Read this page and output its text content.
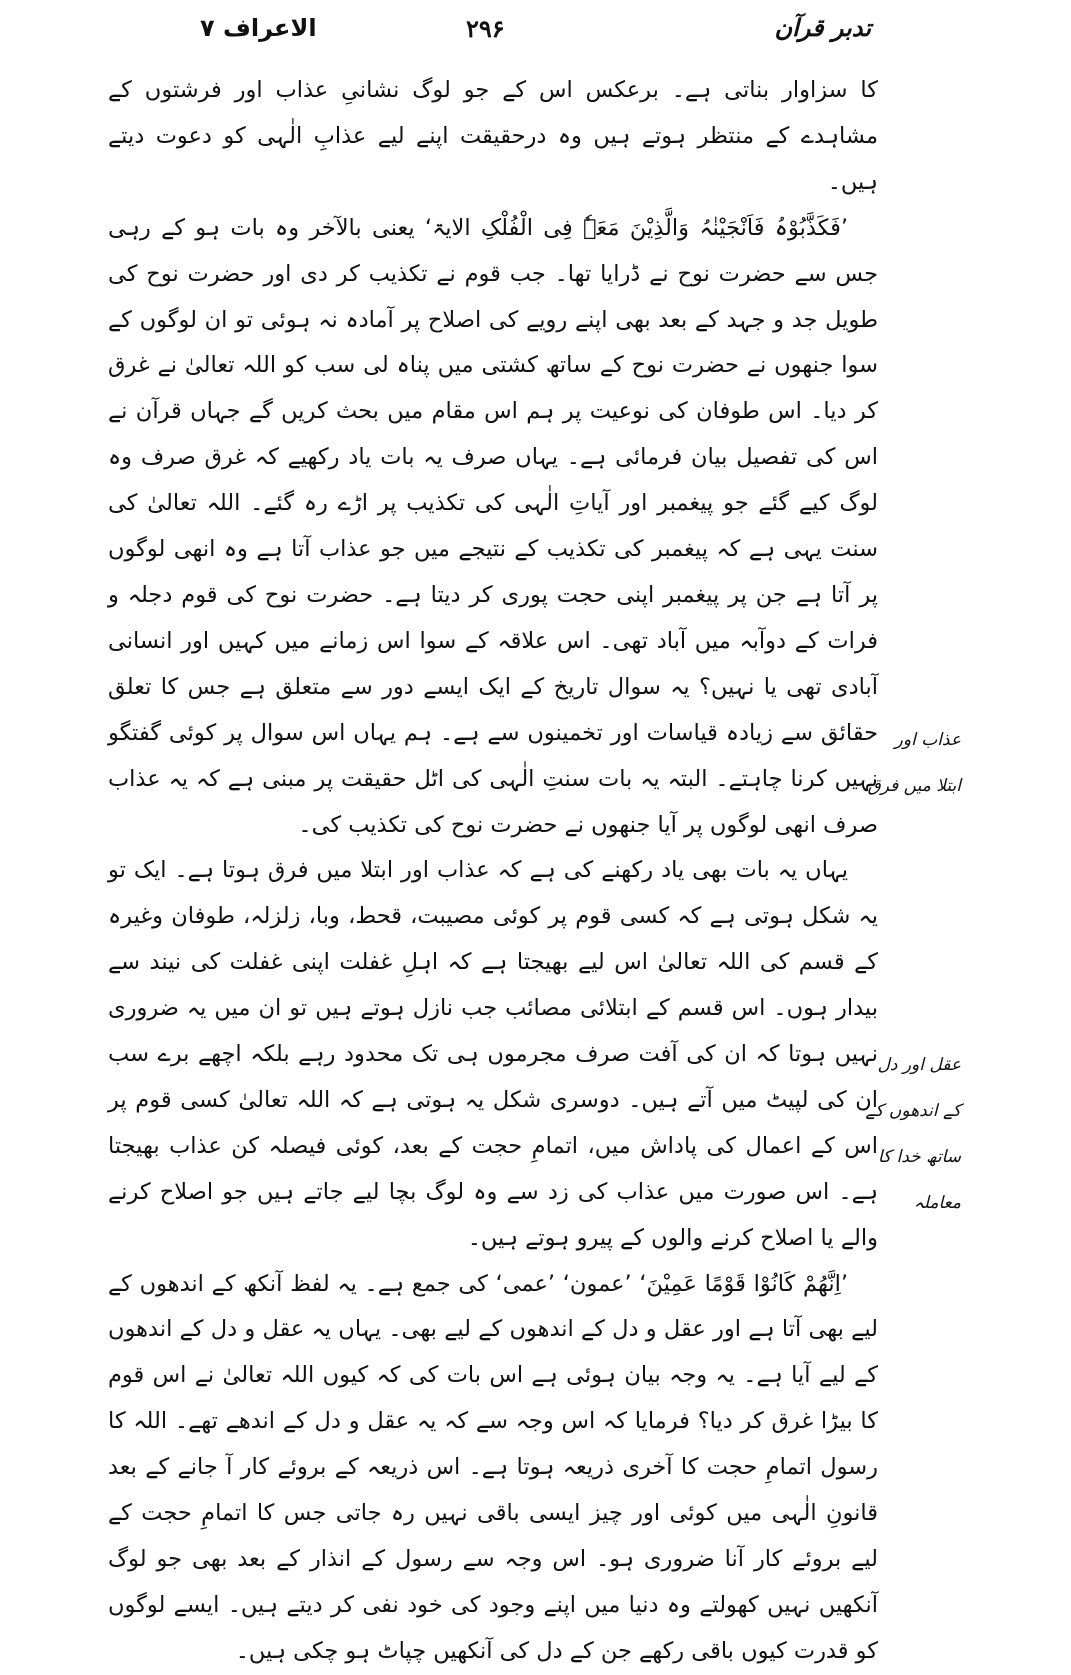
تدبر قرآن
۲۹۶
الاعراف ۷

کا سزاوار بناتی ہے۔ برعکس اس کے جو لوگ نشانیِ عذاب اور فرشتوں کے مشاہدے کے منتظر ہوتے ہیں وہ درحقیقت اپنے لیے عذابِ الٰہی کو دعوت دیتے ہیں۔

’فَکَذَّبُوْہُ فَاَنْجَیْنٰہُ وَالَّذِیْنَ مَعَہٗ فِی الْفُلْکِ الایۃ‘ یعنی بالآخر وہ بات ہو کے رہی جس سے حضرت نوح نے ڈرایا تھا۔ جب قوم نے تکذیب کر دی اور حضرت نوح کی طویل جد و جہد کے بعد بھی اپنے رویے کی اصلاح پر آمادہ نہ ہوئی تو ان لوگوں کے سوا جنھوں نے حضرت نوح کے ساتھ کشتی میں پناہ لی سب کو اللہ تعالیٰ نے غرق کر دیا۔ اس طوفان کی نوعیت پر ہم اس مقام میں بحث کریں گے جہاں قرآن نے اس کی تفصیل بیان فرمائی ہے۔ یہاں صرف یہ بات یاد رکھیے کہ غرق صرف وہ لوگ کیے گئے جو پیغمبر اور آیاتِ الٰہی کی تکذیب پر اڑے رہ گئے۔ اللہ تعالیٰ کی سنت یہی ہے کہ پیغمبر کی تکذیب کے نتیجے میں جو عذاب آتا ہے وہ انھی لوگوں پر آتا ہے جن پر پیغمبر اپنی حجت پوری کر دیتا ہے۔ حضرت نوح کی قوم دجلہ و فرات کے دوآبہ میں آباد تھی۔ اس علاقہ کے سوا اس زمانے میں کہیں اور انسانی آبادی تھی یا نہیں؟ یہ سوال تاریخ کے ایک ایسے دور سے متعلق ہے جس کا تعلق حقائق سے زیادہ قیاسات اور تخمینوں سے ہے۔ ہم یہاں اس سوال پر کوئی گفتگو نہیں کرنا چاہتے۔ البتہ یہ بات سنتِ الٰہی کی اٹل حقیقت پر مبنی ہے کہ یہ عذاب صرف انھی لوگوں پر آیا جنھوں نے حضرت نوح کی تکذیب کی۔

یہاں یہ بات بھی یاد رکھنے کی ہے کہ عذاب اور ابتلا میں فرق ہوتا ہے۔ ایک تو یہ شکل ہوتی ہے کہ کسی قوم پر کوئی مصیبت، قحط، وبا، زلزلہ، طوفان وغیرہ کے قسم کی اللہ تعالیٰ اس لیے بھیجتا ہے کہ اہلِ غفلت اپنی غفلت کی نیند سے بیدار ہوں۔ اس قسم کے ابتلائی مصائب جب نازل ہوتے ہیں تو ان میں یہ ضروری نہیں ہوتا کہ ان کی آفت صرف مجرموں ہی تک محدود رہے بلکہ اچھے برے سب ان کی لپیٹ میں آتے ہیں۔ دوسری شکل یہ ہوتی ہے کہ اللہ تعالیٰ کسی قوم پر اس کے اعمال کی پاداش میں، اتمامِ حجت کے بعد، کوئی فیصلہ کن عذاب بھیجتا ہے۔ اس صورت میں عذاب کی زد سے وہ لوگ بچا لیے جاتے ہیں جو اصلاح کرنے والے یا اصلاح کرنے والوں کے پیرو ہوتے ہیں۔

’اِنَّھُمْ کَانُوْا قَوْمًا عَمِیْنَ‘ ’عمون‘ ’عمی‘ کی جمع ہے۔ یہ لفظ آنکھ کے اندھوں کے لیے بھی آتا ہے اور عقل و دل کے اندھوں کے لیے بھی۔ یہاں یہ عقل و دل کے اندھوں کے لیے آیا ہے۔ یہ وجہ بیان ہوئی ہے اس بات کی کہ کیوں اللہ تعالیٰ نے اس قوم کا بیڑا غرق کر دیا؟ فرمایا کہ اس وجہ سے کہ یہ عقل و دل کے اندھے تھے۔ اللہ کا رسول اتمامِ حجت کا آخری ذریعہ ہوتا ہے۔ اس ذریعہ کے بروئے کار آ جانے کے بعد قانونِ الٰہی میں کوئی اور چیز ایسی باقی نہیں رہ جاتی جس کا اتمامِ حجت کے لیے بروئے کار آنا ضروری ہو۔ اس وجہ سے رسول کے انذار کے بعد بھی جو لوگ آنکھیں نہیں کھولتے وہ دنیا میں اپنے وجود کی خود نفی کر دیتے ہیں۔ ایسے لوگوں کو قدرت کیوں باقی رکھے جن کے دل کی آنکھیں چپاٹ ہو چکی ہیں۔

عذاب اور ابتلا میں فرق
عقل اور دل کے اندھوں کے ساتھ خدا کا معاملہ
